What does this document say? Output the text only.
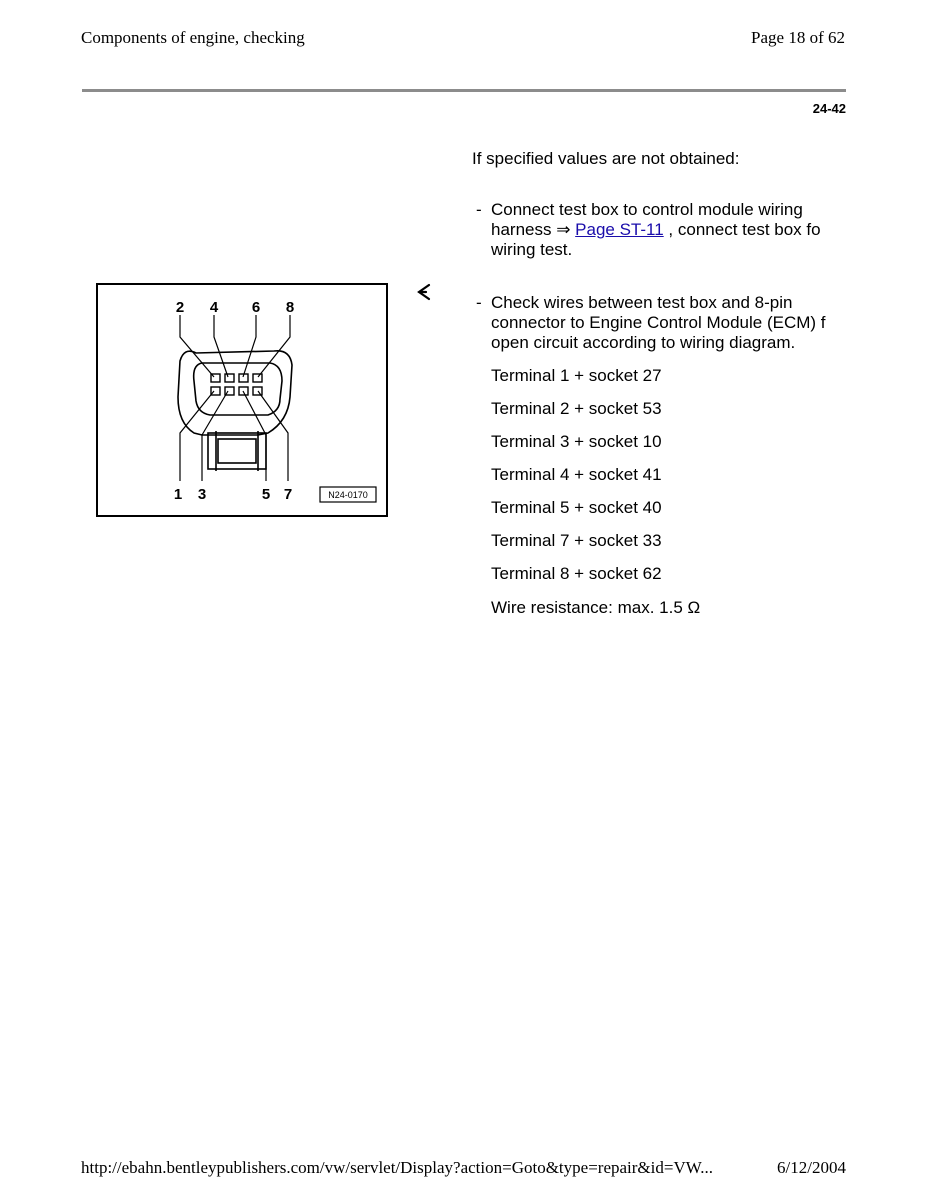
Components of engine, checking	Page 18 of 62
24-42
2 4 6 8
1 3	5 7	N24-0170
If specified values are not obtained:
- Connect test box to control module wiring
harness ⇒ Page ST-11 , connect test box fo
wiring test.
- Check wires between test box and 8-pin
connector to Engine Control Module (ECM) f
open circuit according to wiring diagram.
Terminal 1 + socket 27
Terminal 2 + socket 53
Terminal 3 + socket 10
Terminal 4 + socket 41
Terminal 5 + socket 40
Terminal 7 + socket 33
Terminal 8 + socket 62
Wire resistance: max. 1.5 Ω
http://ebahn.bentleypublishers.com/vw/servlet/Display?action=Goto&type=repair&id=VW...	6/12/2004
